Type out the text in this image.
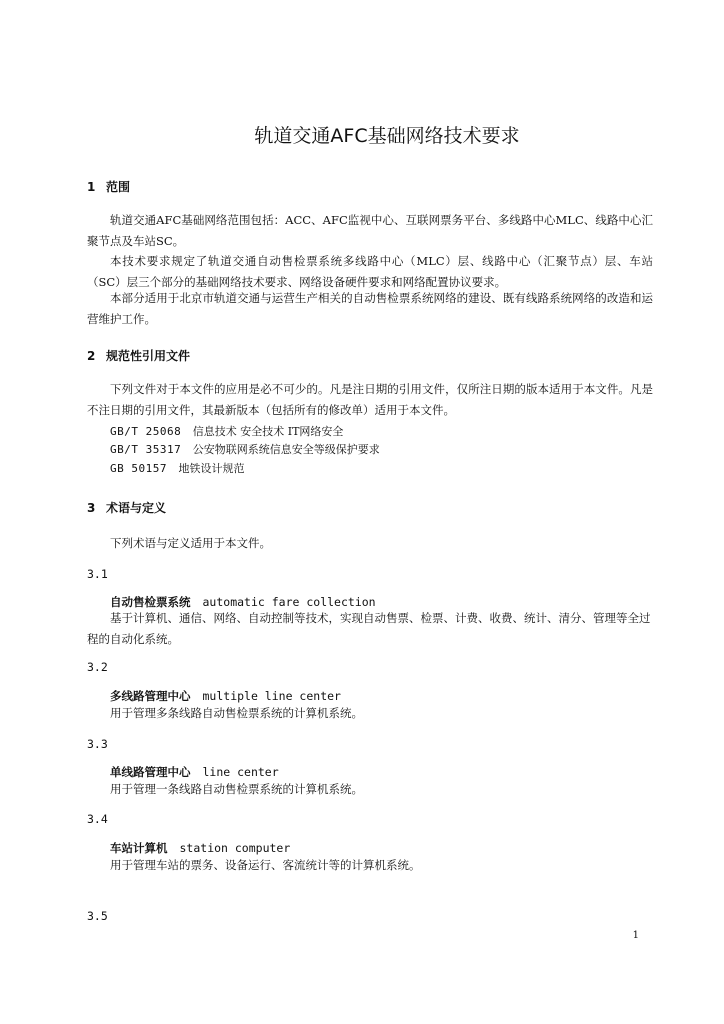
轨道交通AFC基础网络技术要求
1 范围

轨道交通AFC基础网络范围包括：ACC、AFC监视中心、互联网票务平台、多线路中心MLC、线路中心汇聚节点及车站SC。

本技术要求规定了轨道交通自动售检票系统多线路中心（MLC）层、线路中心（汇聚节点）层、车站（SC）层三个部分的基础网络技术要求、网络设备硬件要求和网络配置协议要求。

本部分适用于北京市轨道交通与运营生产相关的自动售检票系统网络的建设、既有线路系统网络的改造和运营维护工作。

2 规范性引用文件

下列文件对于本文件的应用是必不可少的。凡是注日期的引用文件，仅所注日期的版本适用于本文件。凡是不注日期的引用文件，其最新版本（包括所有的修改单）适用于本文件。

GB/T 25068 信息技术 安全技术 IT网络安全

GB/T 35317 公安物联网系统信息安全等级保护要求

GB 50157 地铁设计规范

3 术语与定义

下列术语与定义适用于本文件。

3.1

自动售检票系统 automatic fare collection

基于计算机、通信、网络、自动控制等技术，实现自动售票、检票、计费、收费、统计、清分、管理等全过程的自动化系统。

3.2

多线路管理中心 multiple line center

用于管理多条线路自动售检票系统的计算机系统。

3.3

单线路管理中心 line center

用于管理一条线路自动售检票系统的计算机系统。

3.4

车站计算机 station computer

用于管理车站的票务、设备运行、客流统计等的计算机系统。

3.5

1
